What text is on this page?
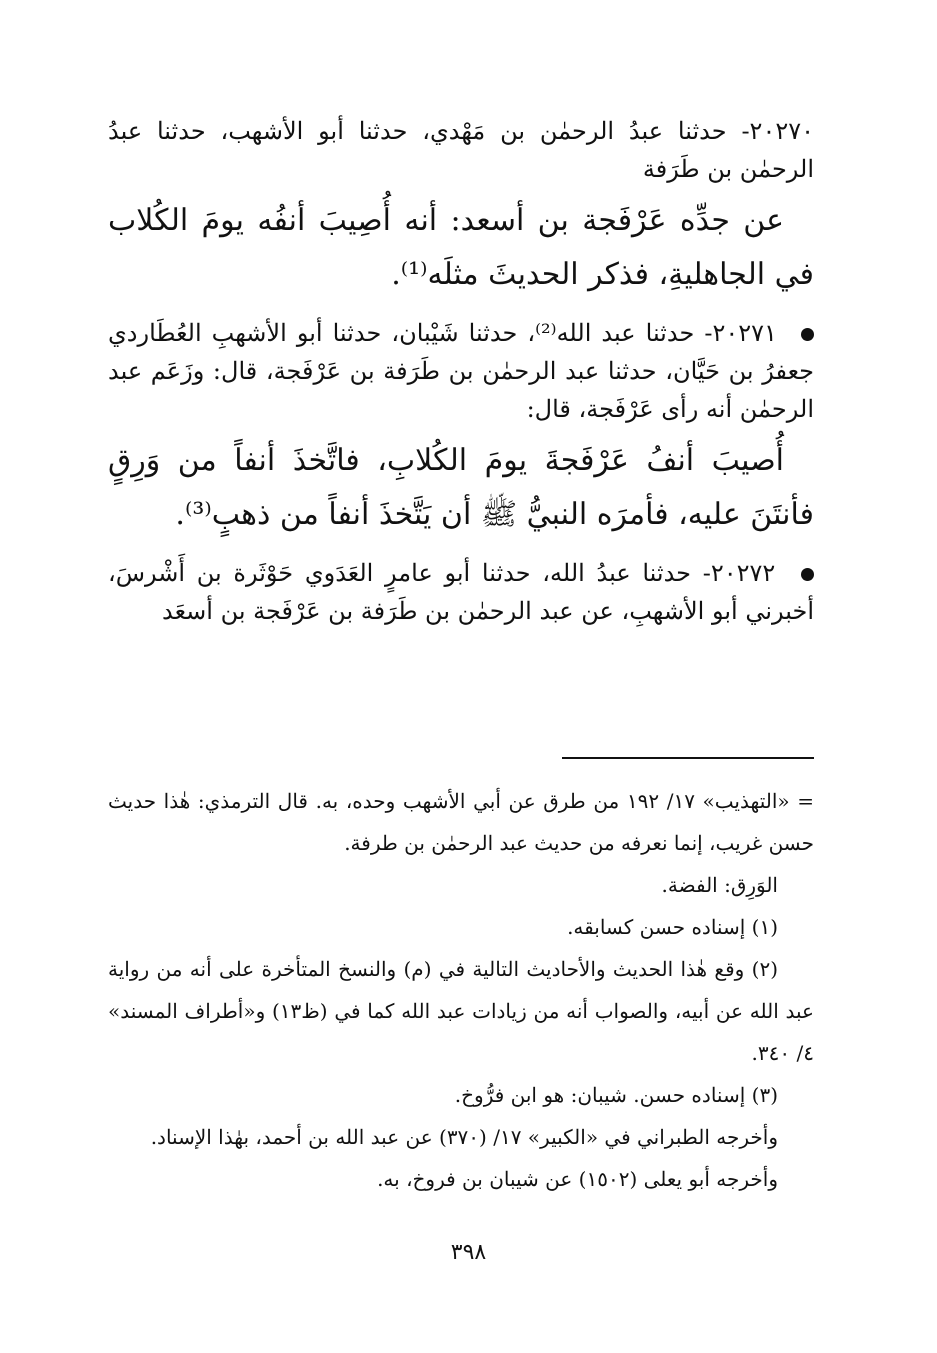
٢٠٢٧٠- حدثنا عبدُ الرحمٰن بن مَهْدي، حدثنا أبو الأشهب، حدثنا عبدُ الرحمٰن بن طَرَفة
عن جدِّه عَرْفَجة بن أسعد: أنه أُصِيبَ أنفُه يومَ الكُلاب في الجاهليةِ، فذكر الحديثَ مثلَه⁽¹⁾.
٢٠٢٧١- حدثنا عبد الله⁽²⁾، حدثنا شَيْبان، حدثنا أبو الأشهبِ العُطَاردي جعفرُ بن حَيَّان، حدثنا عبد الرحمٰن بن طَرَفة بن عَرْفَجة، قال: وزَعَم عبد الرحمٰن أنه رأى عَرْفَجة، قال:
أُصيبَ أنفُ عَرْفَجةَ يومَ الكُلابِ، فاتَّخذَ أنفاً من وَرِقٍ فأنتَنَ عليه، فأمرَه النبيُّ ﷺ أن يَتَّخذَ أنفاً من ذهبٍ⁽³⁾.
٢٠٢٧٢- حدثنا عبدُ الله، حدثنا أبو عامرٍ العَدَوي حَوْثَرة بن أَشْرسَ، أخبرني أبو الأشهبِ، عن عبد الرحمٰن بن طَرَفة بن عَرْفَجة بن أسعَد

= «التهذيب» ١٧/ ١٩٢ من طرق عن أبي الأشهب وحده، به. قال الترمذي: هٰذا حديث حسن غريب، إنما نعرفه من حديث عبد الرحمٰن بن طرفة.

الوَرِق: الفضة.

(١) إسناده حسن كسابقه.

(٢) وقع هٰذا الحديث والأحاديث التالية في (م) والنسخ المتأخرة على أنه من رواية عبد الله عن أبيه، والصواب أنه من زيادات عبد الله كما في (ظ١٣) و«أطراف المسند» ٤/ ٣٤٠.

(٣) إسناده حسن. شيبان: هو ابن فرُّوخ.

وأخرجه الطبراني في «الكبير» ١٧/ (٣٧٠) عن عبد الله بن أحمد، بهٰذا الإسناد.

وأخرجه أبو يعلى (١٥٠٢) عن شيبان بن فروخ، به.

٣٩٨
